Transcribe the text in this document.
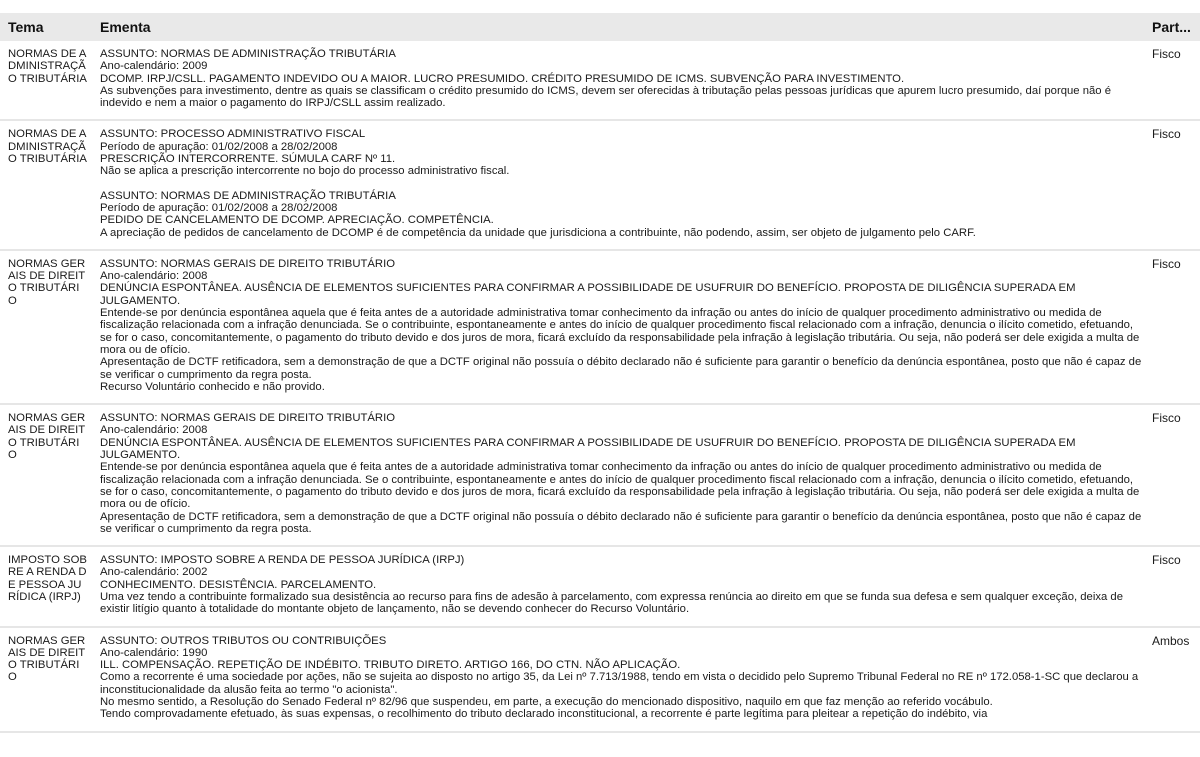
Tema	Ementa	Part...
NORMAS DE ADMINISTRAÇÃO TRIBUTÁRIA
ASSUNTO: NORMAS DE ADMINISTRAÇÃO TRIBUTÁRIA
Ano-calendário: 2009
DCOMP. IRPJ/CSLL. PAGAMENTO INDEVIDO OU A MAIOR. LUCRO PRESUMIDO. CRÉDITO PRESUMIDO DE ICMS. SUBVENÇÃO PARA INVESTIMENTO.
As subvenções para investimento, dentre as quais se classificam o crédito presumido do ICMS, devem ser oferecidas à tributação pelas pessoas jurídicas que apurem lucro presumido, daí porque não é indevido e nem a maior o pagamento do IRPJ/CSLL assim realizado.
Fisco
NORMAS DE ADMINISTRAÇÃO TRIBUTÁRIA
ASSUNTO: PROCESSO ADMINISTRATIVO FISCAL
Período de apuração: 01/02/2008 a 28/02/2008
PRESCRIÇÃO INTERCORRENTE. SÚMULA CARF Nº 11.
Não se aplica a prescrição intercorrente no bojo do processo administrativo fiscal.
ASSUNTO: NORMAS DE ADMINISTRAÇÃO TRIBUTÁRIA
Período de apuração: 01/02/2008 a 28/02/2008
PEDIDO DE CANCELAMENTO DE DCOMP. APRECIAÇÃO. COMPETÊNCIA.
A apreciação de pedidos de cancelamento de DCOMP é de competência da unidade que jurisdiciona a contribuinte, não podendo, assim, ser objeto de julgamento pelo CARF.
Fisco
NORMAS GERAIS DE DIREITO TRIBUTÁRIO
ASSUNTO: NORMAS GERAIS DE DIREITO TRIBUTÁRIO
Ano-calendário: 2008
DENÚNCIA ESPONTÂNEA. AUSÊNCIA DE ELEMENTOS SUFICIENTES PARA CONFIRMAR A POSSIBILIDADE DE USUFRUIR DO BENEFÍCIO. PROPOSTA DE DILIGÊNCIA SUPERADA EM JULGAMENTO.
Entende-se por denúncia espontânea aquela que é feita antes de a autoridade administrativa tomar conhecimento da infração ou antes do início de qualquer procedimento administrativo ou medida de fiscalização relacionada com a infração denunciada. Se o contribuinte, espontaneamente e antes do início de qualquer procedimento fiscal relacionado com a infração, denuncia o ilícito cometido, efetuando, se for o caso, concomitantemente, o pagamento do tributo devido e dos juros de mora, ficará excluído da responsabilidade pela infração à legislação tributária. Ou seja, não poderá ser dele exigida a multa de mora ou de ofício.
Apresentação de DCTF retificadora, sem a demonstração de que a DCTF original não possuía o débito declarado não é suficiente para garantir o benefício da denúncia espontânea, posto que não é capaz de se verificar o cumprimento da regra posta.
Recurso Voluntário conhecido e não provido.
Fisco
NORMAS GERAIS DE DIREITO TRIBUTÁRIO
ASSUNTO: NORMAS GERAIS DE DIREITO TRIBUTÁRIO
Ano-calendário: 2008
DENÚNCIA ESPONTÂNEA. AUSÊNCIA DE ELEMENTOS SUFICIENTES PARA CONFIRMAR A POSSIBILIDADE DE USUFRUIR DO BENEFÍCIO. PROPOSTA DE DILIGÊNCIA SUPERADA EM JULGAMENTO.
Entende-se por denúncia espontânea aquela que é feita antes de a autoridade administrativa tomar conhecimento da infração ou antes do início de qualquer procedimento administrativo ou medida de fiscalização relacionada com a infração denunciada. Se o contribuinte, espontaneamente e antes do início de qualquer procedimento fiscal relacionado com a infração, denuncia o ilícito cometido, efetuando, se for o caso, concomitantemente, o pagamento do tributo devido e dos juros de mora, ficará excluído da responsabilidade pela infração à legislação tributária. Ou seja, não poderá ser dele exigida a multa de mora ou de ofício.
Apresentação de DCTF retificadora, sem a demonstração de que a DCTF original não possuía o débito declarado não é suficiente para garantir o benefício da denúncia espontânea, posto que não é capaz de se verificar o cumprimento da regra posta.
Fisco
IMPOSTO SOBRE A RENDA DE PESSOA JURÍDICA (IRPJ)
ASSUNTO: IMPOSTO SOBRE A RENDA DE PESSOA JURÍDICA (IRPJ)
Ano-calendário: 2002
CONHECIMENTO. DESISTÊNCIA. PARCELAMENTO.
Uma vez tendo a contribuinte formalizado sua desistência ao recurso para fins de adesão à parcelamento, com expressa renúncia ao direito em que se funda sua defesa e sem qualquer exceção, deixa de existir litígio quanto à totalidade do montante objeto de lançamento, não se devendo conhecer do Recurso Voluntário.
Fisco
NORMAS GERAIS DE DIREITO TRIBUTÁRIO
ASSUNTO: OUTROS TRIBUTOS OU CONTRIBUIÇÕES
Ano-calendário: 1990
ILL. COMPENSAÇÃO. REPETIÇÃO DE INDÉBITO. TRIBUTO DIRETO. ARTIGO 166, DO CTN. NÃO APLICAÇÃO.
Como a recorrente é uma sociedade por ações, não se sujeita ao disposto no artigo 35, da Lei nº 7.713/1988, tendo em vista o decidido pelo Supremo Tribunal Federal no RE nº 172.058-1-SC que declarou a inconstitucionalidade da alusão feita ao termo "o acionista".
No mesmo sentido, a Resolução do Senado Federal nº 82/96 que suspendeu, em parte, a execução do mencionado dispositivo, naquilo em que faz menção ao referido vocábulo.
Tendo comprovadamente efetuado, às suas expensas, o recolhimento do tributo declarado inconstitucional, a recorrente é parte legítima para pleitear a repetição do indébito, via
Ambos
